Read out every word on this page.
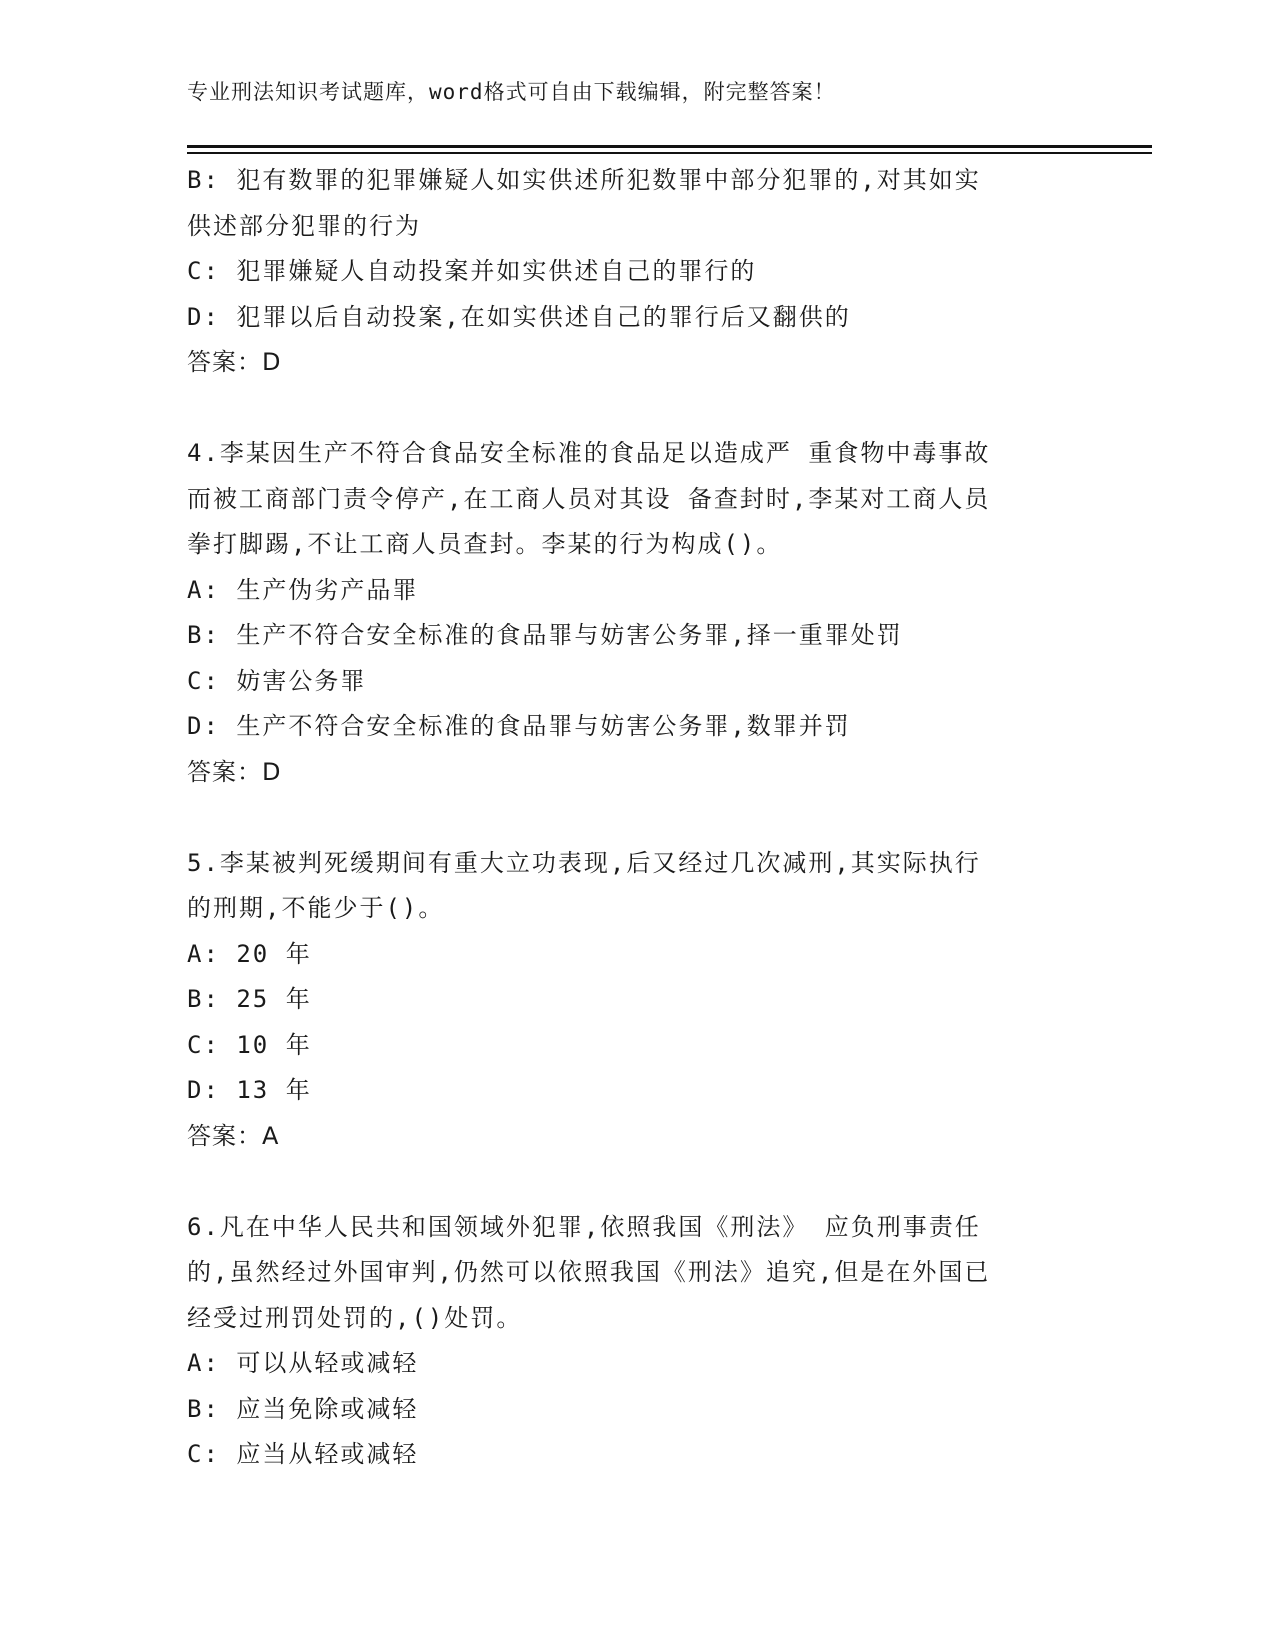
专业刑法知识考试题库，word格式可自由下载编辑，附完整答案！
B: 犯有数罪的犯罪嫌疑人如实供述所犯数罪中部分犯罪的,对其如实
供述部分犯罪的行为
C: 犯罪嫌疑人自动投案并如实供述自己的罪行的
D: 犯罪以后自动投案,在如实供述自己的罪行后又翻供的
答案：D
4.李某因生产不符合食品安全标准的食品足以造成严 重食物中毒事故
而被工商部门责令停产,在工商人员对其设 备查封时,李某对工商人员
拳打脚踢,不让工商人员查封。李某的行为构成()。
A: 生产伪劣产品罪
B: 生产不符合安全标准的食品罪与妨害公务罪,择一重罪处罚
C: 妨害公务罪
D: 生产不符合安全标准的食品罪与妨害公务罪,数罪并罚
答案：D
5.李某被判死缓期间有重大立功表现,后又经过几次减刑,其实际执行
的刑期,不能少于()。
A: 20 年
B: 25 年
C: 10 年
D: 13 年
答案：A
6.凡在中华人民共和国领域外犯罪,依照我国《刑法》 应负刑事责任
的,虽然经过外国审判,仍然可以依照我国《刑法》追究,但是在外国已
经受过刑罚处罚的,()处罚。
A: 可以从轻或减轻
B: 应当免除或减轻
C: 应当从轻或减轻
